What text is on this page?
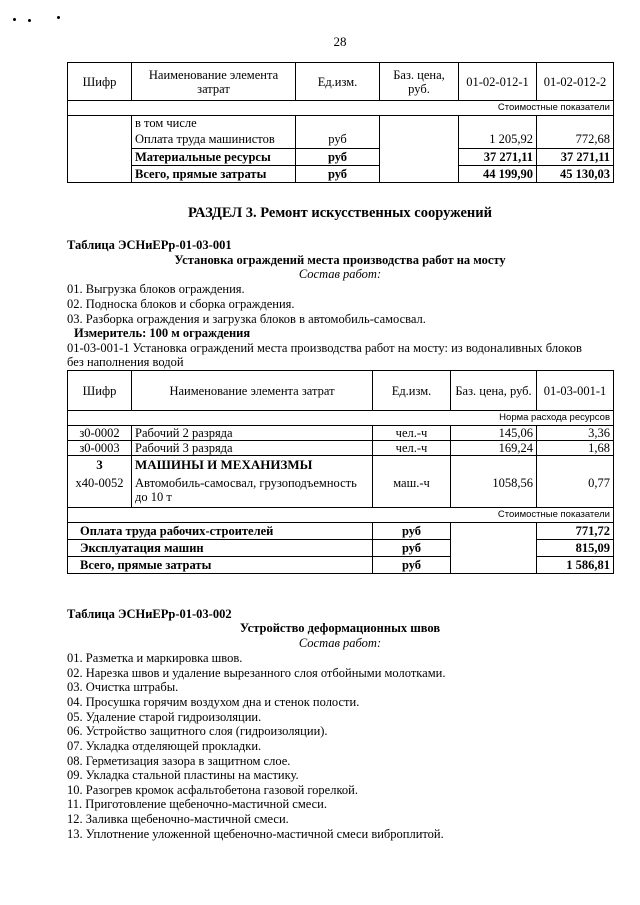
28
Шифр	Наименование элемента затрат	Ед.изм.	Баз. цена, руб.	01-02-012-1	01-02-012-2
Стоимостные показатели					
	в том числе				
	Оплата труда машинистов	руб		1 205,92	772,68
	Материальные ресурсы	руб		37 271,11	37 271,11
	Всего, прямые затраты	руб		44 199,90	45 130,03
РАЗДЕЛ 3. Ремонт искусственных сооружений
Таблица ЭСНиЕРр-01-03-001
Установка ограждений места производства работ на мосту
Состав работ:
01. Выгрузка блоков ограждения.
02. Подноска блоков и сборка ограждения.
03. Разборка ограждения и загрузка блоков в автомобиль-самосвал.
Измеритель: 100 м ограждения
01-03-001-1 Установка ограждений места производства работ на мосту: из водоналивных блоков
без наполнения водой
Шифр	Наименование элемента затрат	Ед.изм.	Баз. цена, руб.	01-03-001-1
Норма расхода ресурсов				
з0-0002	Рабочий 2 разряда	чел.-ч	145,06	3,36
з0-0003	Рабочий 3 разряда	чел.-ч	169,24	1,68
3	МАШИНЫ И МЕХАНИЗМЫ			
х40-0052	Автомобиль-самосвал, грузоподъемность
до 10 т	маш.-ч	1058,56	0,77
Стоимостные показатели				
Оплата труда рабочих-строителей		руб		771,72
Эксплуатация машин		руб		815,09
Всего, прямые затраты		руб		1 586,81
Таблица ЭСНиЕРр-01-03-002
Устройство деформационных швов
Состав работ:
01. Разметка и маркировка швов.
02. Нарезка швов и удаление вырезанного слоя отбойными молотками.
03. Очистка штрабы.
04. Просушка горячим воздухом дна и стенок полости.
05. Удаление старой гидроизоляции.
06. Устройство защитного слоя (гидроизоляции).
07. Укладка отделяющей прокладки.
08. Герметизация зазора в защитном слое.
09. Укладка стальной пластины на мастику.
10. Разогрев кромок асфальтобетона газовой горелкой.
11. Приготовление щебеночно-мастичной смеси.
12. Заливка щебеночно-мастичной смеси.
13. Уплотнение уложенной щебеночно-мастичной смеси виброплитой.
